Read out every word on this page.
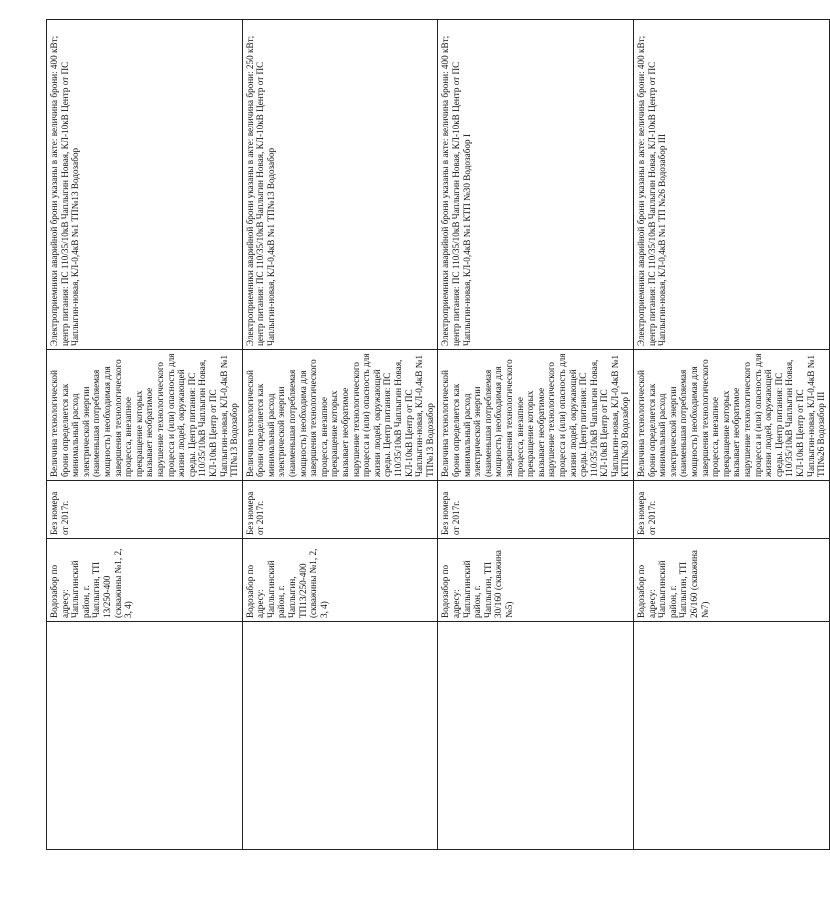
	Водозабор по адресу: Чаплыгинский район, г. Чаплыгин, ТП 13/250-400 (скважины №1, 2, 3, 4)	Без номера от 2017г.	Величина технологической брони определяется как минимальный расход электрической энергии (наименьшая потребляемая мощность) необходимая для завершения технологического процесса, внезапное прекращение которых вызывает необратимое нарушение технологического процесса и (или) опасность для жизни людей, окружающей среды. Центр питания: ПС 110/35/10кВ Чаплыгин Новая, КЛ-10кВ Центр от ПС Чаплыгин-новая, КЛ-0,4кВ №1 ТП№13 Водозабор	Электроприемники аварийной брони указаны в акте: величина брони: 400 кВт; центр питания: ПС 110/35/10кВ Чаплыгин Новая, КЛ-10кВ Центр от ПС Чаплыгин-новая, КЛ-0,4кВ №1 ТП№13 Водозабор
	Водозабор по адресу: Чаплыгинский район, г. Чаплыгин, ТП13/250-400 (скважины №1, 2, 3, 4)	Без номера от 2017г.	Величина технологической брони определяется как минимальный расход электрической энергии (наименьшая потребляемая мощность) необходима для завершения технологического процесса, внезапное прекращение которых вызывает необратимое нарушение технологического процесса и (или) опасность для жизни людей, окружающей среды. Центр питания: ПС 110/35/10кВ Чаплыгин Новая, КЛ-10кВ Центр от ПС Чаплыгин-новая, КЛ-0,4кВ №1 ТП№13 Водозабор	Электроприемники аварийной брони указаны в акте: величина брони: 250 кВт; центр питания: ПС 110/35/10кВ Чаплыгин Новая, КЛ-10кВ Центр от ПС Чаплыгин-новая, КЛ-0,4кВ №1 ТП№13 Водозабор
	Водозабор по адресу: Чаплыгинский район, г. Чаплыгин, ТП 30/160 (скважина №5)	Без номера от 2017г.	Величина технологической брони определяется как минимальный расход электрической энергии (наименьшая потребляемая мощность) необходимая для завершения технологического процесса, внезапное прекращение которых вызывает необратимое нарушение технологического процесса и (или) опасность для жизни людей, окружающей среды. Центр питания: ПС 110/35/10кВ Чаплыгин Новая, КЛ-10кВ Центр от ПС Чаплыгин-новая, КЛ-0,4кВ №1 КТП№30 Водозабор I	Электроприемники аварийной брони указаны в акте: величина брони: 400 кВт; центр питания: ПС 110/35/10кВ Чаплыгин Новая, КЛ-10кВ Центр от ПС Чаплыгин-новая, КЛ-0,4кВ №1 КТП №30 Водозабор I
	Водозабор по адресу: Чаплыгинский район, г. Чаплыгин, ТП 26/160 (скважина №7)	Без номера от 2017г.	Величина технологической брони определяется как минимальный расход электрической энергии (наименьшая потребляемая мощность) необходимая для завершения технологического процесса, внезапное прекращение которых вызывает необратимое нарушение технологического процесса и (или) опасность для жизни людей, окружающей среды. Центр питания: ПС 110/35/10кВ Чаплыгин Новая, КЛ-10кВ Центр от ПС Чаплыгин-новая, КЛ-0,4кВ №1 ТП№26 Водозабор III	Электроприемники аварийной брони указаны в акте: величина брони: 400 кВт; центр питания: ПС 110/35/10кВ Чаплыгин Новая, КЛ-10кВ Центр от ПС Чаплыгин-новая, КЛ-0,4кВ №1 ТП №26 Водозабор III
